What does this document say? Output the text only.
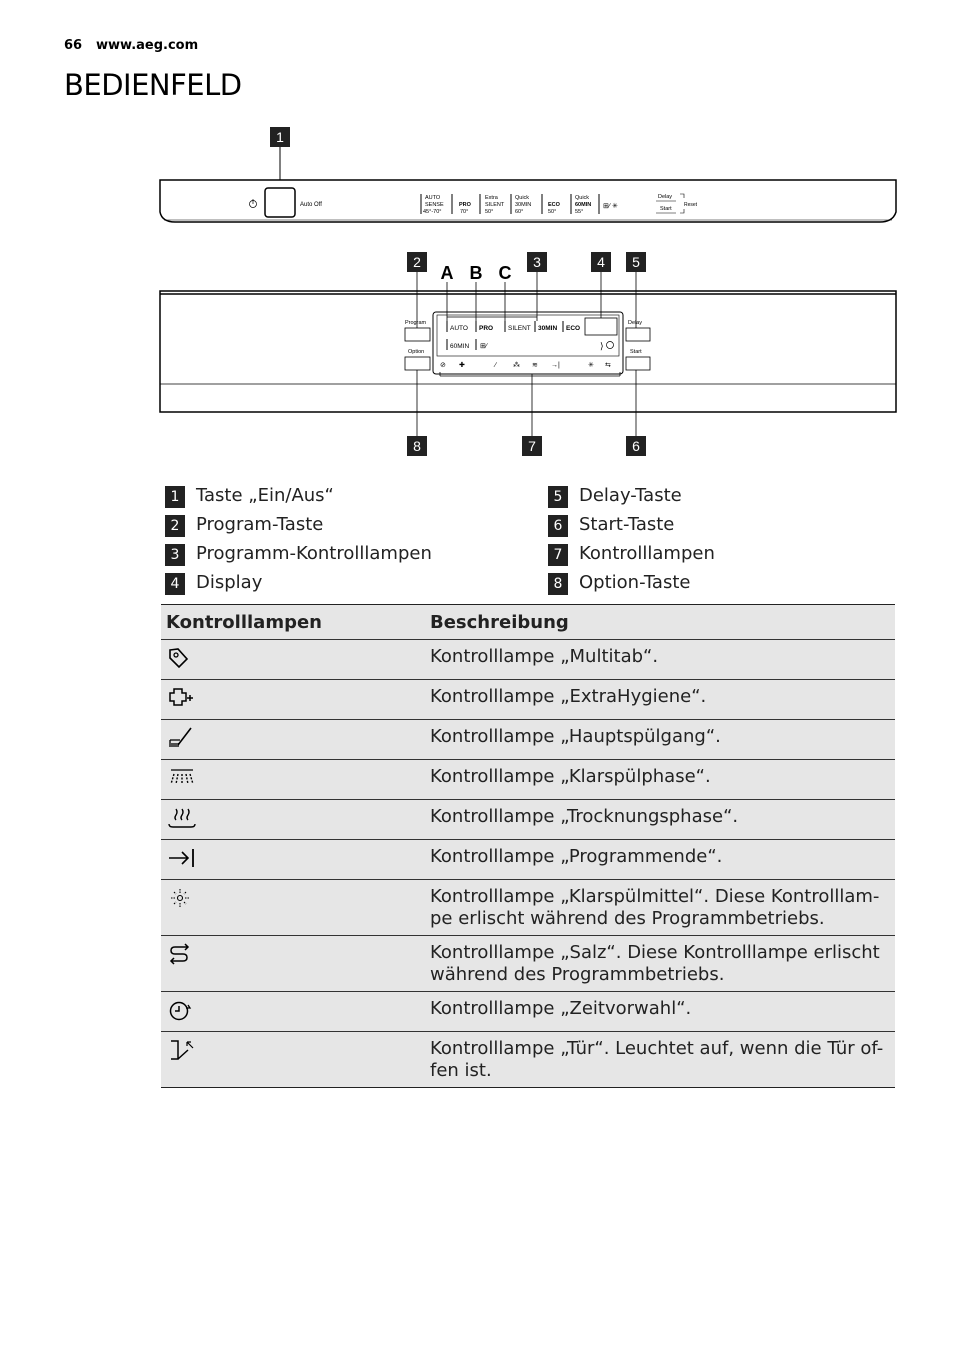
66 www.aeg.com
BEDIENFELD
1
Auto Off
AUTO
SENSE
45°-70°
PRO
70°
Extra
SILENT
50°
Quick
30MIN
60°
ECO
50°
Quick
60MIN
55°
⊞∕ ✳
Delay
Start
Reset
2	3	4 5
A B C
Program
Option
AUTO PRO SILENT 30MIN ECO
60MIN ⊞∕	⟩
⇆
✳
⊘ ✚	∕ ⁂ ≋ →|
Delay
Start
8	7	6
1 Taste „Ein/Aus“
2 Program-Taste
3 Programm-Kontrolllampen
4 Display
5 Delay-Taste
6 Start-Taste
7 Kontrolllampen
8 Option-Taste
Kontrolllampen	Beschreibung

	Kontrolllampe „Multitab“.

	Kontrolllampe „ExtraHygiene“.

	Kontrolllampe „Hauptspülgang“.

	Kontrolllampe „Klarspülphase“.

	Kontrolllampe „Trocknungsphase“.

	Kontrolllampe „Programmende“.

	Kontrolllampe „Klarspülmittel“. Diese Kontrolllam-pe erlischt während des Programmbetriebs.

	Kontrolllampe „Salz“. Diese Kontrolllampe erlischt während des Programmbetriebs.

	Kontrolllampe „Zeitvorwahl“.

	Kontrolllampe „Tür“. Leuchtet auf, wenn die Tür of-fen ist.
